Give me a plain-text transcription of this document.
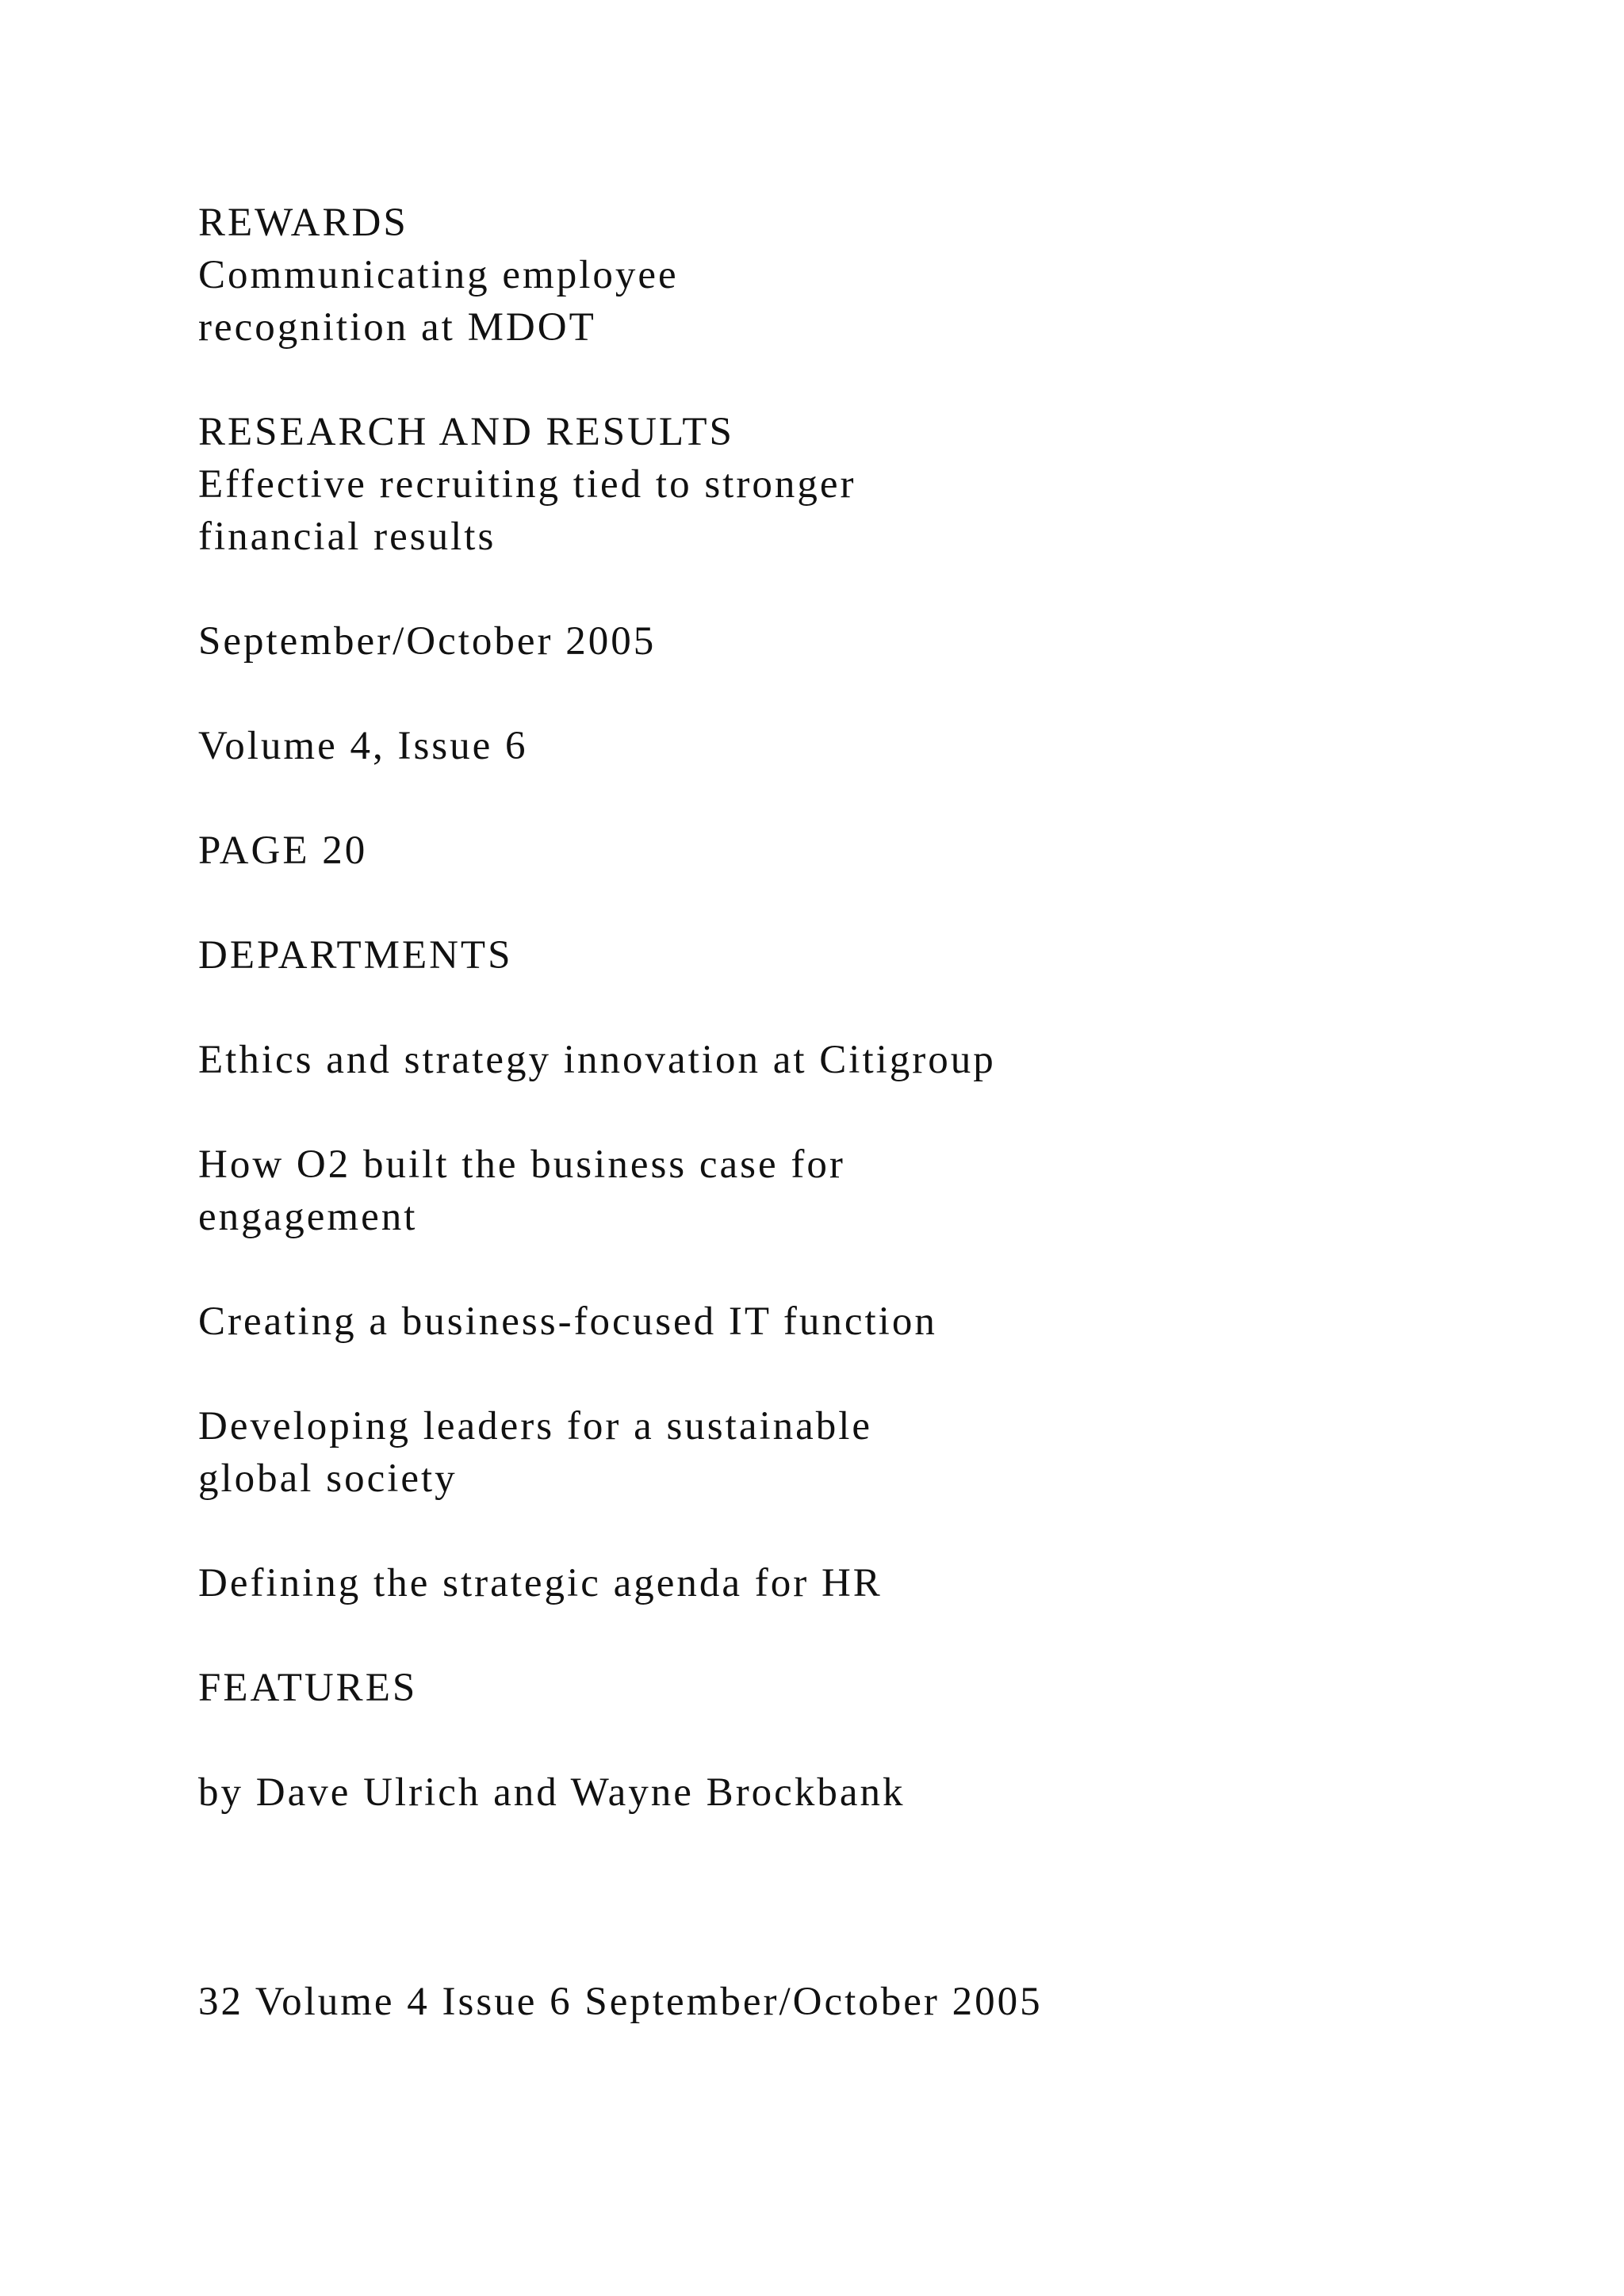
REWARDS

Communicating employee

recognition at MDOT

RESEARCH AND RESULTS

Effective recruiting tied to stronger

financial results

September/October 2005

Volume 4, Issue 6

PAGE 20

DEPARTMENTS

Ethics and strategy innovation at Citigroup

How O2 built the business case for

engagement

Creating a business-focused IT function

Developing leaders for a sustainable

global society

Defining the strategic agenda for HR

FEATURES

by Dave Ulrich and Wayne Brockbank

32 Volume 4 Issue 6 September/October 2005
